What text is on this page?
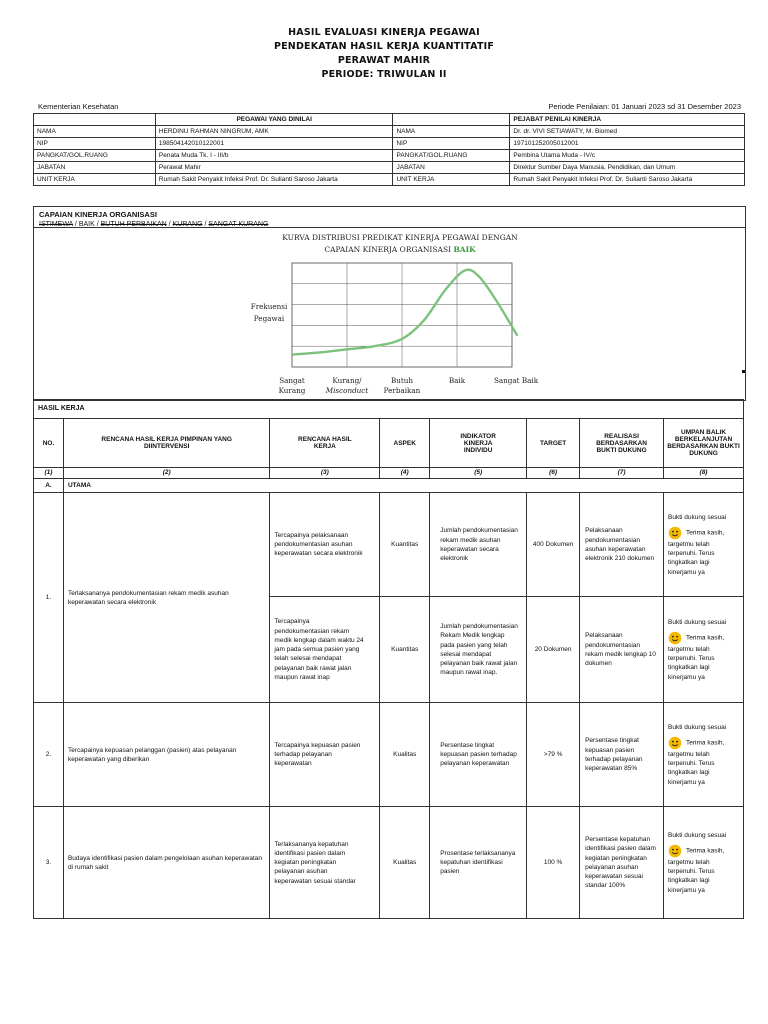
HASIL EVALUASI KINERJA PEGAWAI
PENDEKATAN HASIL KERJA KUANTITATIF
PERAWAT MAHIR
PERIODE: TRIWULAN II
Kementerian Kesehatan	Periode Penilaian: 01 Januari 2023 sd 31 Desember 2023
	PEGAWAI YANG DINILAI		PEJABAT PENILAI KINERJA
NAMA	HERDINU RAHMAN NINGRUM, AMK	NAMA	Dr. dr. VIVI SETIAWATY, M. Biomed
NIP	198504142010122001	NIP	197101252005012001
PANGKAT/GOL.RUANG	Penata Muda Tk. I - III/b	PANGKAT/GOL.RUANG	Pembina Utama Muda - IV/c
JABATAN	Perawat Mahir	JABATAN	Direktur Sumber Daya Manusia, Pendidikan, dan Umum
UNIT KERJA	Rumah Sakit Penyakit Infeksi Prof. Dr. Sulianti Saroso Jakarta	UNIT KERJA	Rumah Sakit Penyakit Infeksi Prof. Dr. Sulianti Saroso Jakarta
CAPAIAN KINERJA ORGANISASI
ISTIMEWA / BAIK / BUTUH PERBAIKAN / KURANG / SANGAT KURANG
KURVA DISTRIBUSI PREDIKAT KINERJA PEGAWAI DENGAN
CAPAIAN KINERJA ORGANISASI BAIK
Frekuensi
Pegawai
Sangat
Kurang
Kurang/
Misconduct
Butuh
Perbaikan
Baik	Sangat Baik
HASIL KERJA							
NO.	RENCANA HASIL KERJA PIMPINAN YANG DIINTERVENSI	RENCANA HASIL KERJA	ASPEK	INDIKATOR KINERJA INDIVIDU	TARGET	REALISASI BERDASARKAN BUKTI DUKUNG	UMPAN BALIK BERKELANJUTAN BERDASARKAN BUKTI DUKUNG
(1)	(2)	(3)	(4)	(5)	(6)	(7)	(8)
A.	UTAMA						
1.	Terlaksananya pendokumentasian rekam medik asuhan keperawatan secara elektronik	Tercapainya pelaksanaan pendokumentasian asuhan keperawatan secara elektronik	Kuantitas	Jumlah pendokumentasian rekam medik asuhan keperawatan secara elektronik	400 Dokumen	Pelaksanaan pendokumentasian asuhan keperawatan elektronik 210 dokumen	Bukti dukung sesuai
Terima kasih,
targetmu telah terpenuhi. Terus tingkatkan lagi kinerjamu ya

		Tercapainya pendokumentasian rekam medik lengkap dalam waktu 24 jam pada semua pasien yang telah selesai mendapat pelayanan baik rawat jalan maupun rawat inap	Kuantitas	Jumlah pendokumentasian Rekam Medik lengkap pada pasien yang telah selesai mendapat pelayanan baik rawat jalan maupun rawat inap.	20 Dokumen	Pelaksanaan pendokumentasian rekam medik lengkap 10 dokumen	Bukti dukung sesuai
Terima kasih,
targetmu telah terpenuhi. Terus tingkatkan lagi kinerjamu ya

2.	Tercapainya kepuasan pelanggan (pasien) atas pelayanan keperawatan yang diberikan	Tercapainya kepuasan pasien terhadap pelayanan keperawatan	Kualitas	Persentase tingkat kepuasan pasien terhadap pelayanan keperawatan	>79 %	Persentase tingkat kepuasan pasien terhadap pelayanan keperawatan 85%	Bukti dukung sesuai
Terima kasih,
targetmu telah terpenuhi. Terus tingkatkan lagi kinerjamu ya

3.	Budaya identifikasi pasien dalam pengelolaan asuhan keperawatan di rumah sakit	Terlaksananya kepatuhan identifikasi pasien dalam kegiatan peningkatan pelayanan asuhan keperawatan sesuai standar	Kualitas	Prosentase terlaksananya kepatuhan identifikasi pasien	100 %	Persentase kepatuhan identifikasi pasien dalam kegiatan peningkatan pelayanan asuhan keperawatan sesuai standar 100%	Bukti dukung sesuai
Terima kasih,
targetmu telah terpenuhi. Terus tingkatkan lagi kinerjamu ya
